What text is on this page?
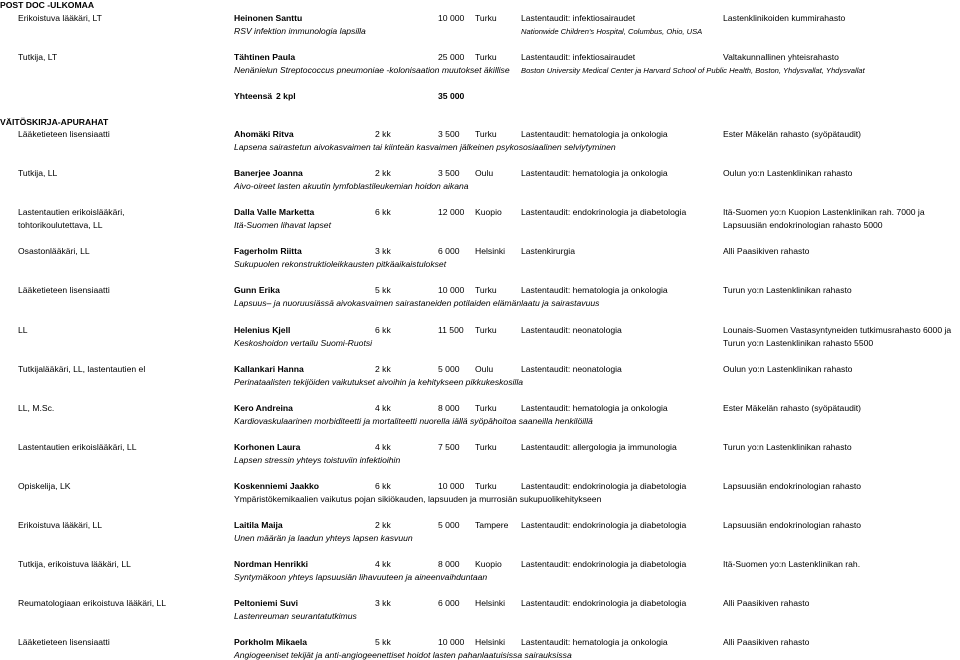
POST DOC -ULKOMAA
Erikoistuva lääkäri, LT	Heinonen Santtu	10 000 Turku	Lastentaudit: infektiosairaudet	Lastenklinikoiden kummirahasto
RSV infektion immunologia lapsilla	Nationwide Children's Hospital, Columbus, Ohio, USA
Tutkija, LT	Tähtinen Paula	25 000 Turku	Lastentaudit: infektiosairaudet	Valtakunnallinen yhteisrahasto
Nenänielun Streptococcus pneumoniae -kolonisaation muutokset äkillise	Boston University Medical Center ja Harvard School of Public Health, Boston, Yhdysvallat, Yhdysvallat
Yhteensä 2 kpl	35 000
VÄITÖSKIRJA-APURAHAT
Lääketieteen lisensiaatti	Ahomäki Ritva	2 kk	3 500 Turku	Lastentaudit: hematologia ja onkologia	Ester Mäkelän rahasto (syöpätaudit)
Lapsena sairastetun aivokasvaimen tai kiinteän kasvaimen jälkeinen psykososiaalinen selviytyminen
Tutkija, LL	Banerjee Joanna	2 kk	3 500 Oulu	Lastentaudit: hematologia ja onkologia	Oulun yo:n Lastenklinikan rahasto
Aivo-oireet lasten akuutin lymfoblastileukemian hoidon aikana
Lastentautien erikoislääkäri,
tohtorikoulutettava, LL
Dalla Valle Marketta	6 kk	12 000 Kuopio Lastentaudit: endokrinologia ja diabetologia	Itä-Suomen yo:n Kuopion Lastenklinikan rah. 7000 ja
Lapsuusiän endokrinologian rahasto 5000
Itä-Suomen lihavat lapset
Osastonlääkäri, LL	Fagerholm Riitta	3 kk	6 000 Helsinki Lastenkirurgia	Alli Paasikiven rahasto
Sukupuolen rekonstruktioleikkausten pitkäaikaistulokset
Lääketieteen lisensiaatti	Gunn Erika	5 kk	10 000 Turku	Lastentaudit: hematologia ja onkologia	Turun yo:n Lastenklinikan rahasto
Lapsuus– ja nuoruusiässä aivokasvaimen sairastaneiden potilaiden elämänlaatu ja sairastavuus
LL	Helenius Kjell	6 kk	11 500 Turku	Lastentaudit: neonatologia	Lounais-Suomen Vastasyntyneiden tutkimusrahasto 6000 ja
Turun yo:n Lastenklinikan rahasto 5500
Keskoshoidon vertailu Suomi-Ruotsi
Tutkijalääkäri, LL, lastentautien el	Kallankari Hanna	2 kk	5 000 Oulu	Lastentaudit: neonatologia	Oulun yo:n Lastenklinikan rahasto
Perinataalisten tekijöiden vaikutukset aivoihin ja kehitykseen pikkukeskosilla
LL, M.Sc.	Kero Andreina	4 kk	8 000 Turku	Lastentaudit: hematologia ja onkologia	Ester Mäkelän rahasto (syöpätaudit)
Kardiovaskulaarinen morbiditeetti ja mortaliteetti nuorella iällä syöpähoitoa saaneilla henkilöillä
Lastentautien erikoislääkäri, LL	Korhonen Laura	4 kk	7 500 Turku	Lastentaudit: allergologia ja immunologia	Turun yo:n Lastenklinikan rahasto
Lapsen stressin yhteys toistuviin infektioihin
Opiskelija, LK	Koskenniemi Jaakko	6 kk	10 000 Turku	Lastentaudit: endokrinologia ja diabetologia	Lapsuusiän endokrinologian rahasto
Ympäristökemikaalien vaikutus pojan sikiökauden, lapsuuden ja murrosiän sukupuolikehitykseen
Erikoistuva lääkäri, LL	Laitila Maija	2 kk	5 000 Tampere Lastentaudit: endokrinologia ja diabetologia	Lapsuusiän endokrinologian rahasto
Unen määrän ja laadun yhteys lapsen kasvuun
Tutkija, erikoistuva lääkäri, LL	Nordman Henrikki	4 kk	8 000 Kuopio Lastentaudit: endokrinologia ja diabetologia	Itä-Suomen yo:n Lastenklinikan rah.
Syntymäkoon yhteys lapsuusiän lihavuuteen ja aineenvaihduntaan
Reumatologiaan erikoistuva lääkäri, LL	Peltoniemi Suvi	3 kk	6 000 Helsinki Lastentaudit: endokrinologia ja diabetologia	Alli Paasikiven rahasto
Lastenreuman seurantatutkimus
Lääketieteen lisensiaatti	Porkholm Mikaela	5 kk	10 000 Helsinki Lastentaudit: hematologia ja onkologia	Alli Paasikiven rahasto
Angiogeeniset tekijät ja anti-angiogeenettiset hoidot lasten pahanlaatuisissa sairauksissa
